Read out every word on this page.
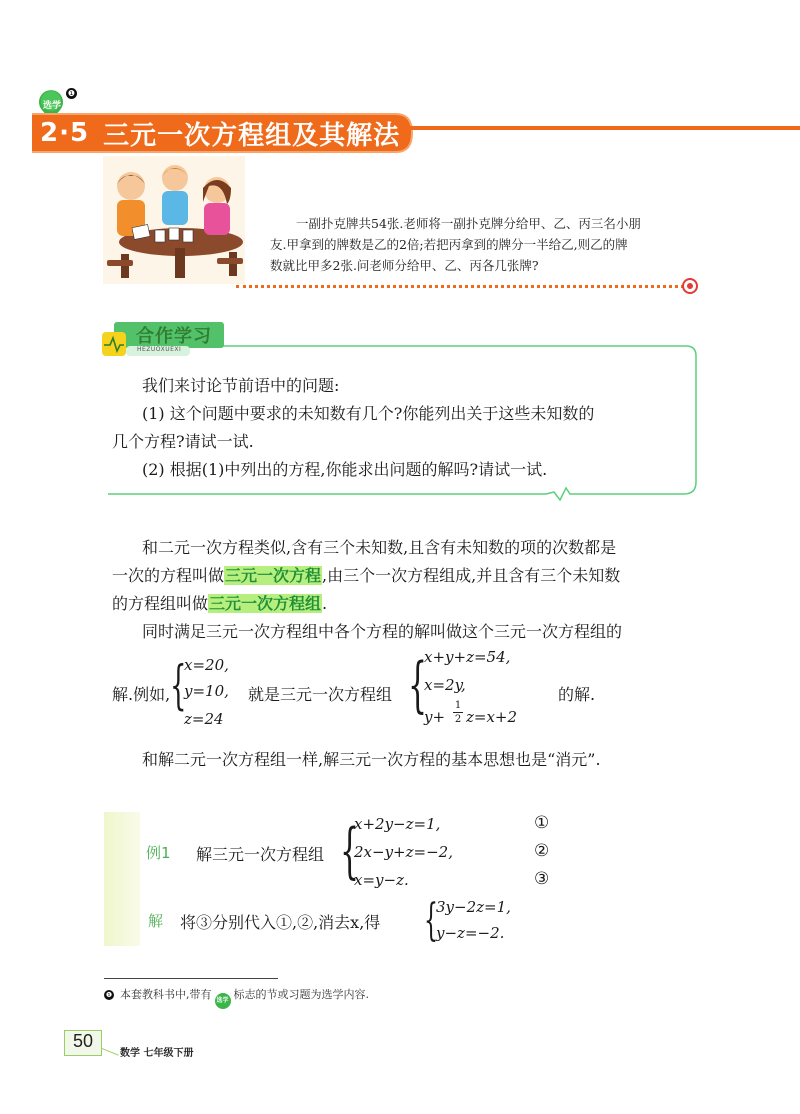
选学
❶
2·5 三元一次方程组及其解法
一副扑克牌共54张.老师将一副扑克牌分给甲、乙、丙三名小朋
友.甲拿到的牌数是乙的2倍;若把丙拿到的牌分一半给乙,则乙的牌
数就比甲多2张.问老师分给甲、乙、丙各几张牌?
合作学习
HEZUOXUEXI

我们来讨论节前语中的问题:

(1) 这个问题中要求的未知数有几个?你能列出关于这些未知数的

几个方程?请试一试.

(2) 根据(1)中列出的方程,你能求出问题的解吗?请试一试.

和二元一次方程类似,含有三个未知数,且含有未知数的项的次数都是

一次的方程叫做三元一次方程,由三个一次方程组成,并且含有三个未知数

的方程组叫做三元一次方程组.

同时满足三元一次方程组中各个方程的解叫做这个三元一次方程组的

解.例如, {
x=20,
y=10,
z=24
就是三元一次方程组 {
x+y+z=54,
x=2y,
y+
1
2 z=x+2
的解.

和解二元一次方程组一样,解三元一次方程的基本思想也是“消元”.

例1 解三元一次方程组 {
x+2y−z=1,
2x−y+z=−2,
x=y−z.
①
②
③
解 将③分别代入①,②,消去x,得 {
3y−2z=1,
y−z=−2.
❶ 本套教科书中,带有 选学 标志的节或习题为选学内容.
50
数学 七年级下册
